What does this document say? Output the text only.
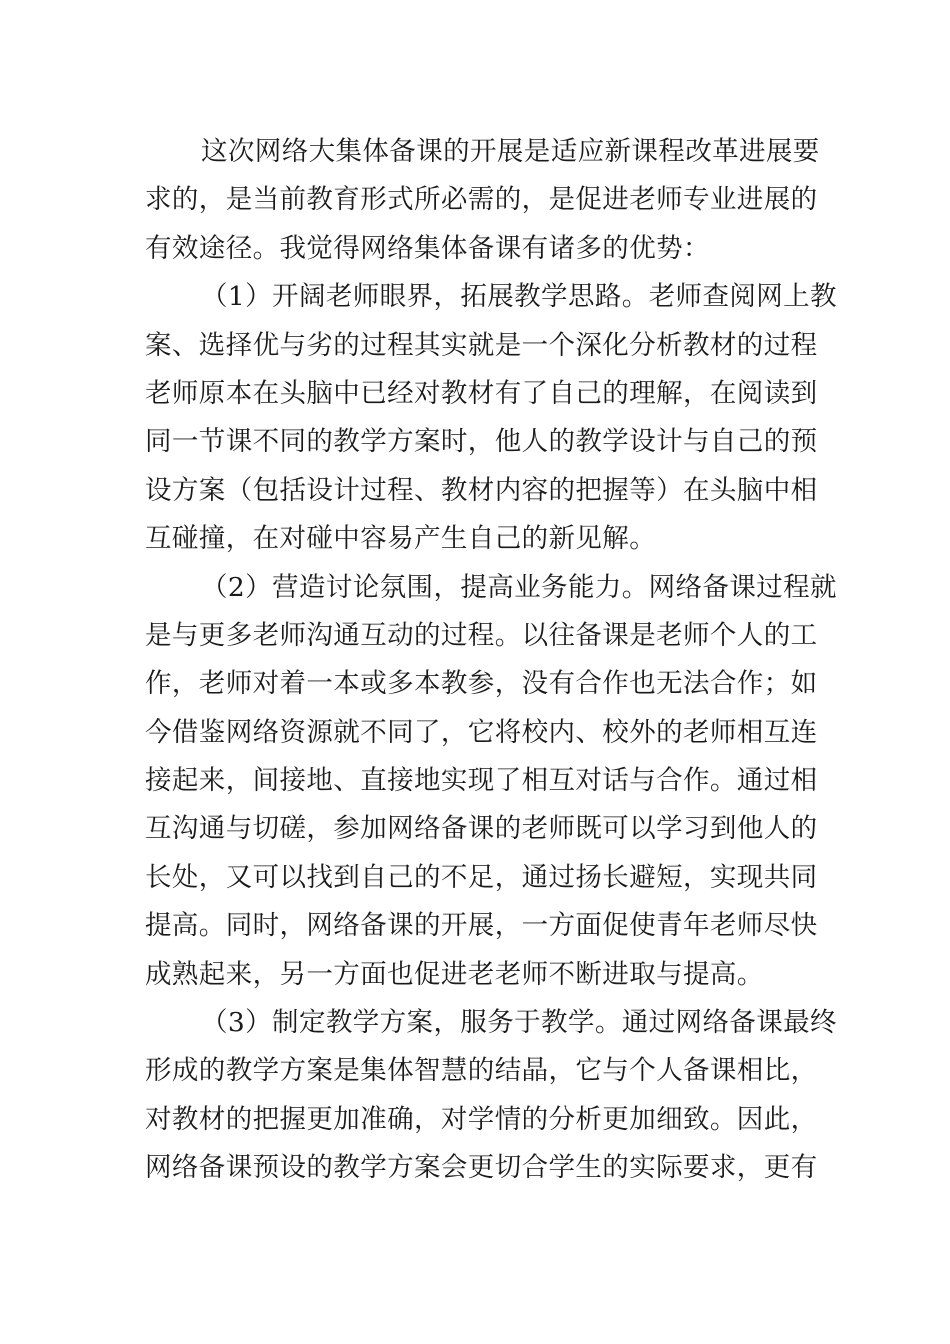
这次网络大集体备课的开展是适应新课程改革进展要
求的，是当前教育形式所必需的，是促进老师专业进展的
有效途径。我觉得网络集体备课有诸多的优势：
（1）开阔老师眼界，拓展教学思路。老师查阅网上教
案、选择优与劣的过程其实就是一个深化分析教材的过程
老师原本在头脑中已经对教材有了自己的理解，在阅读到
同一节课不同的教学方案时，他人的教学设计与自己的预
设方案（包括设计过程、教材内容的把握等）在头脑中相
互碰撞，在对碰中容易产生自己的新见解。
（2）营造讨论氛围，提高业务能力。网络备课过程就
是与更多老师沟通互动的过程。以往备课是老师个人的工
作，老师对着一本或多本教参，没有合作也无法合作；如
今借鉴网络资源就不同了，它将校内、校外的老师相互连
接起来，间接地、直接地实现了相互对话与合作。通过相
互沟通与切磋，参加网络备课的老师既可以学习到他人的
长处，又可以找到自己的不足，通过扬长避短，实现共同
提高。同时，网络备课的开展，一方面促使青年老师尽快
成熟起来，另一方面也促进老老师不断进取与提高。
（3）制定教学方案，服务于教学。通过网络备课最终
形成的教学方案是集体智慧的结晶，它与个人备课相比，
对教材的把握更加准确，对学情的分析更加细致。因此，
网络备课预设的教学方案会更切合学生的实际要求，更有
